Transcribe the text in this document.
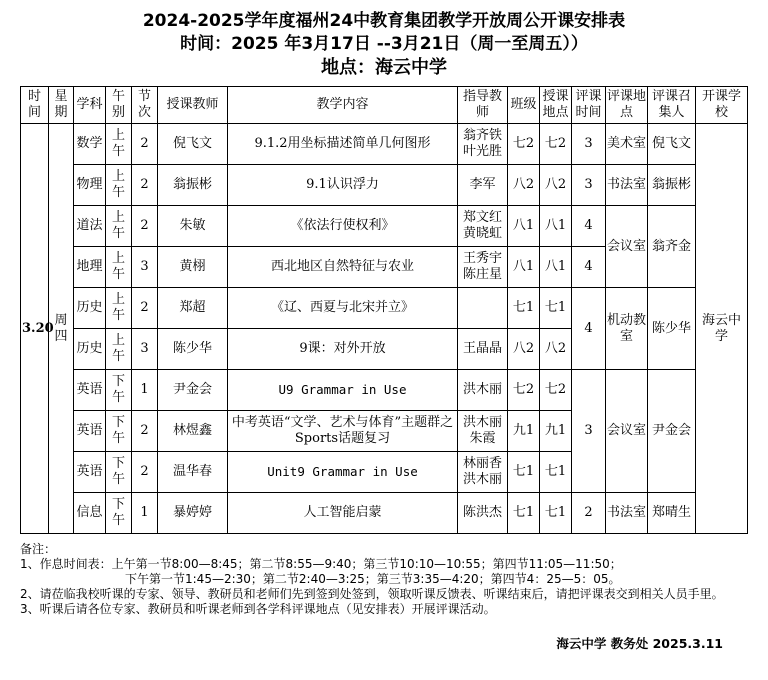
2024-2025学年度福州24中教育集团教学开放周公开课安排表
时间：2025 年3月17日 --3月21日（周一至周五））
地点：海云中学
时间	星期	学科	午别	节次	授课教师	教学内容	指导教师	班级	授课地点	评课时间	评课地点	评课召集人	开课学校
3.20	周四	数学	上午	2	倪飞文	9.1.2用坐标描述简单几何图形	翁齐铁叶光胜	七2	七2	3	美术室	倪飞文	海云中学
		物理	上午	2	翁振彬	9.1认识浮力	李军	八2	八2	3	书法室	翁振彬	
		道法	上午	2	朱敏	《依法行使权利》	郑文红黄晓虹	八1	八1	4	会议室	翁齐金	
		地理	上午	3	黄栩	西北地区自然特征与农业	王秀宇陈庄星	八1	八1	4			
		历史	上午	2	郑超	《辽、西夏与北宋并立》		七1	七1	4	机动教室	陈少华	
		历史	上午	3	陈少华	9课：对外开放	王晶晶	八2	八2				
		英语	下午	1	尹金会	U9 Grammar in Use	洪木丽	七2	七2	3	会议室	尹金会	
		英语	下午	2	林煜鑫	中考英语“文学、艺术与体育”主题群之Sports话题复习	洪木丽朱霞	九1	九1				
		英语	下午	2	温华春	Unit9 Grammar in Use	林丽香洪木丽	七1	七1				
		信息	下午	1	暴婷婷	人工智能启蒙	陈洪杰	七1	七1	2	书法室	郑晴生	
备注：
1、作息时间表：上午第一节8:00—8:45；第二节8:55—9:40；第三节10:10—10:55；第四节11:05—11:50；
下午第一节1:45—2:30；第二节2:40—3:25；第三节3:35—4:20；第四节4：25—5：05。
2、请莅临我校听课的专家、领导、教研员和老师们先到签到处签到，领取听课反馈表、听课结束后，请把评课表交到相关人员手里。
3、听课后请各位专家、教研员和听课老师到各学科评课地点（见安排表）开展评课活动。
海云中学 教务处 2025.3.11
